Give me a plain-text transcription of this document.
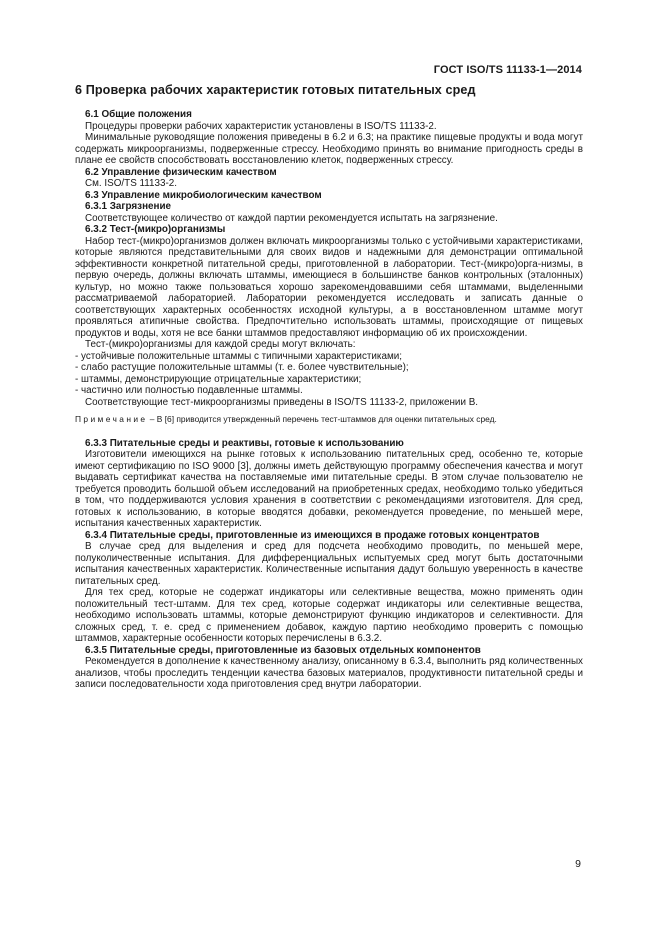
ГОСТ ISO/TS 11133-1—2014
6 Проверка рабочих характеристик готовых питательных сред

6.1 Общие положения

Процедуры проверки рабочих характеристик установлены в ISO/TS 11133-2.

Минимальные руководящие положения приведены в 6.2 и 6.3; на практике пищевые продукты и вода могут содержать микроорганизмы, подверженные стрессу. Необходимо принять во внимание пригодность среды в плане ее свойств способствовать восстановлению клеток, подверженных стрессу.

6.2 Управление физическим качеством

См. ISO/TS 11133-2.

6.3 Управление микробиологическим качеством

6.3.1 Загрязнение

Соответствующее количество от каждой партии рекомендуется испытать на загрязнение.

6.3.2 Тест-(микро)организмы

Набор тест-(микро)организмов должен включать микроорганизмы только с устойчивыми характеристиками, которые являются представительными для своих видов и надежными для демонстрации оптимальной эффективности конкретной питательной среды, приготовленной в лаборатории. Тест-(микро)орга-низмы, в первую очередь, должны включать штаммы, имеющиеся в большинстве банков контрольных (эталонных) культур, но можно также пользоваться хорошо зарекомендовавшими себя штаммами, выделенными рассматриваемой лабораторией. Лаборатории рекомендуется исследовать и записать данные о соответствующих характерных особенностях исходной культуры, а в восстановленном штамме могут проявляться атипичные свойства. Предпочтительно использовать штаммы, происходящие от пищевых продуктов и воды, хотя не все банки штаммов предоставляют информацию об их происхождении.

Тест-(микро)организмы для каждой среды могут включать:

- устойчивые положительные штаммы с типичными характеристиками;

- слабо растущие положительные штаммы (т. е. более чувствительные);

- штаммы, демонстрирующие отрицательные характеристики;

- частично или полностью подавленные штаммы.

Соответствующие тест-микроорганизмы приведены в ISO/TS 11133-2, приложении В.

Примечание – В [6] приводится утвержденный перечень тест-штаммов для оценки питательных сред.

6.3.3 Питательные среды и реактивы, готовые к использованию

Изготовители имеющихся на рынке готовых к использованию питательных сред, особенно те, которые имеют сертификацию по ISO 9000 [3], должны иметь действующую программу обеспечения качества и могут выдавать сертификат качества на поставляемые ими питательные среды. В этом случае пользователю не требуется проводить большой объем исследований на приобретенных средах, необходимо только убедиться в том, что поддерживаются условия хранения в соответствии с рекомендациями изготовителя. Для сред, готовых к использованию, в которые вводятся добавки, рекомендуется проведение, по меньшей мере, испытания качественных характеристик.

6.3.4 Питательные среды, приготовленные из имеющихся в продаже готовых концентратов

В случае сред для выделения и сред для подсчета необходимо проводить, по меньшей мере, полуколичественные испытания. Для дифференциальных испытуемых сред могут быть достаточными испытания качественных характеристик. Количественные испытания дадут большую уверенность в качестве питательных сред.

Для тех сред, которые не содержат индикаторы или селективные вещества, можно применять один положительный тест-штамм. Для тех сред, которые содержат индикаторы или селективные вещества, необходимо использовать штаммы, которые демонстрируют функцию индикаторов и селективности. Для сложных сред, т. е. сред с применением добавок, каждую партию необходимо проверить с помощью штаммов, характерные особенности которых перечислены в 6.3.2.

6.3.5 Питательные среды, приготовленные из базовых отдельных компонентов

Рекомендуется в дополнение к качественному анализу, описанному в 6.3.4, выполнить ряд количественных анализов, чтобы проследить тенденции качества базовых материалов, продуктивности питательной среды и записи последовательности хода приготовления сред внутри лаборатории.

9
